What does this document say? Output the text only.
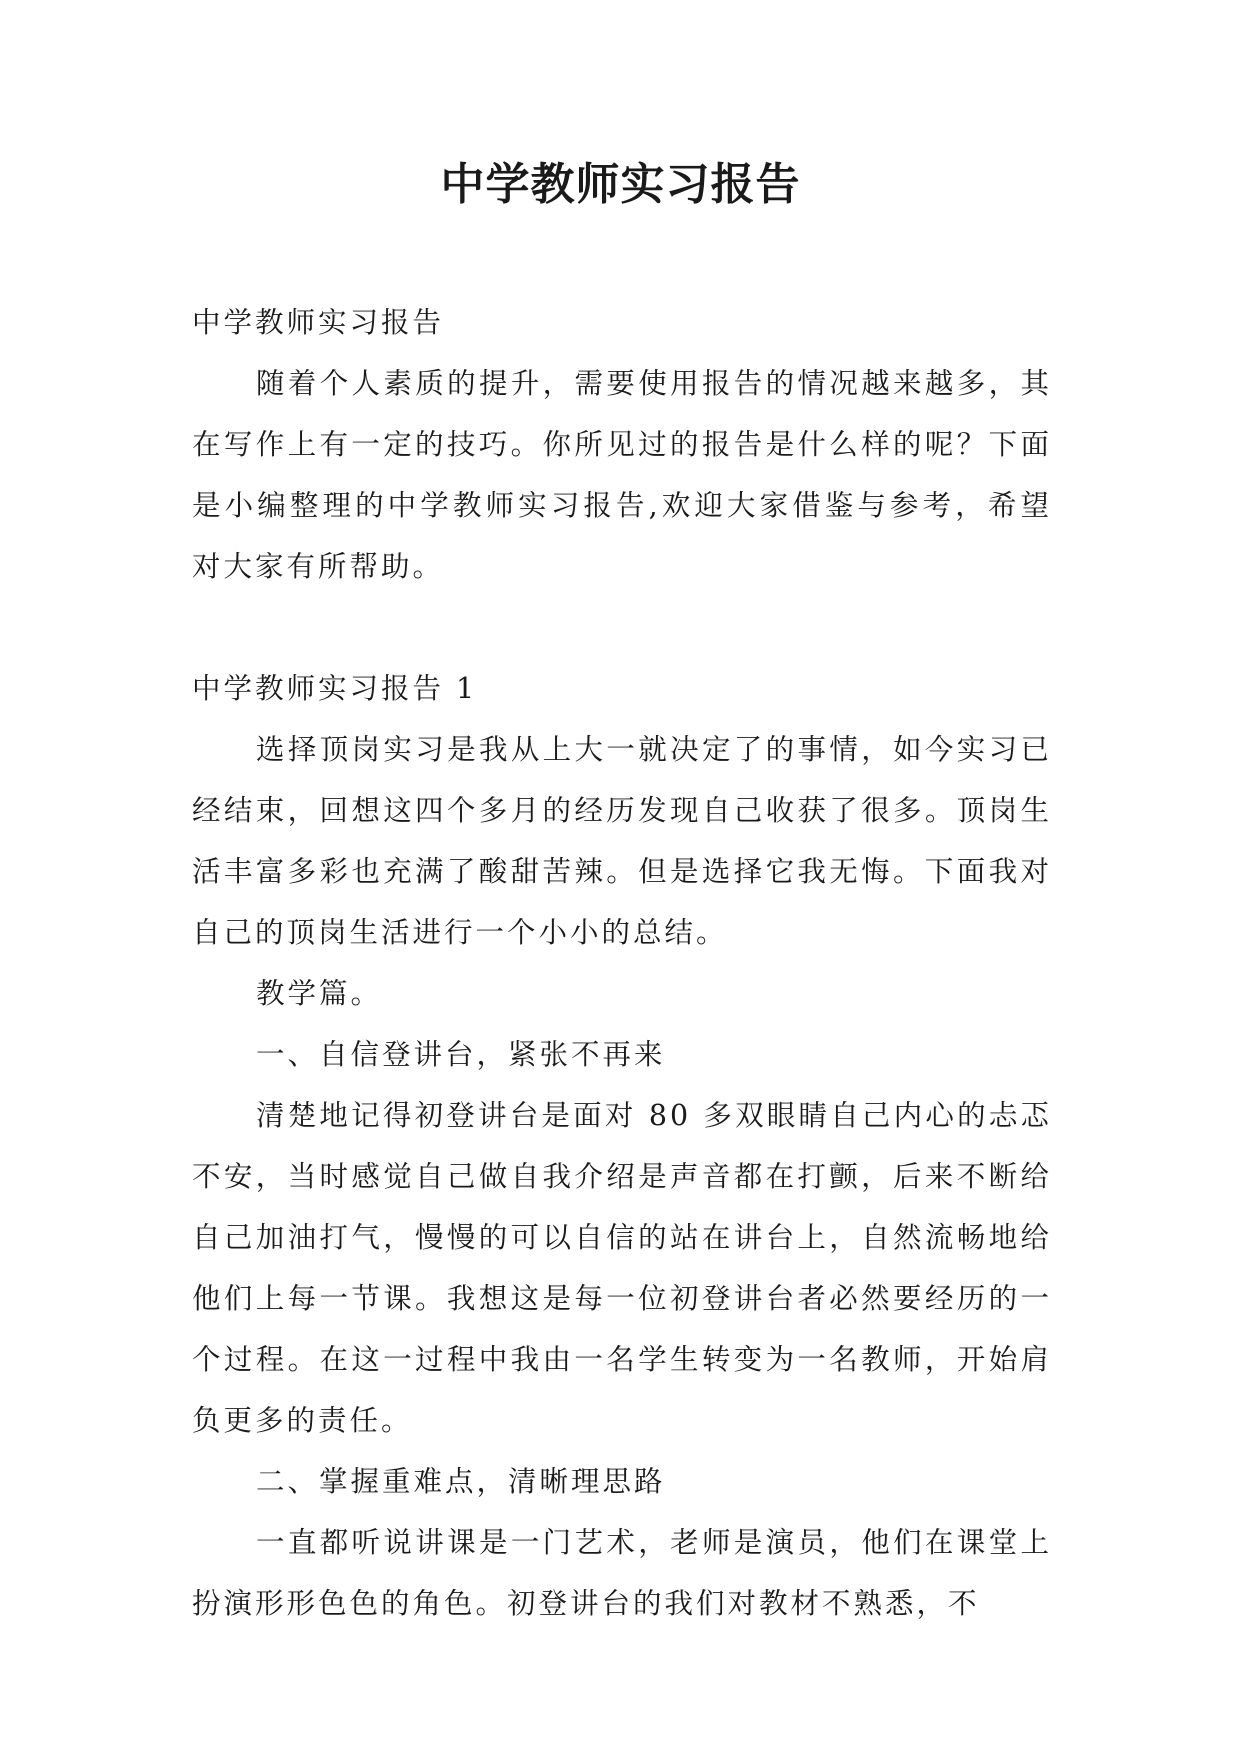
中学教师实习报告

中学教师实习报告

随着个人素质的提升，需要使用报告的情况越来越多，其在写作上有一定的技巧。你所见过的报告是什么样的呢？下面是小编整理的中学教师实习报告,欢迎大家借鉴与参考，希望对大家有所帮助。

中学教师实习报告 1

选择顶岗实习是我从上大一就决定了的事情，如今实习已经结束，回想这四个多月的经历发现自己收获了很多。顶岗生活丰富多彩也充满了酸甜苦辣。但是选择它我无悔。下面我对自己的顶岗生活进行一个小小的总结。

教学篇。

一、自信登讲台，紧张不再来

清楚地记得初登讲台是面对 80 多双眼睛自己内心的忐忑不安，当时感觉自己做自我介绍是声音都在打颤，后来不断给自己加油打气，慢慢的可以自信的站在讲台上，自然流畅地给他们上每一节课。我想这是每一位初登讲台者必然要经历的一个过程。在这一过程中我由一名学生转变为一名教师，开始肩负更多的责任。

二、掌握重难点，清晰理思路

一直都听说讲课是一门艺术，老师是演员，他们在课堂上扮演形形色色的角色。初登讲台的我们对教材不熟悉，不
